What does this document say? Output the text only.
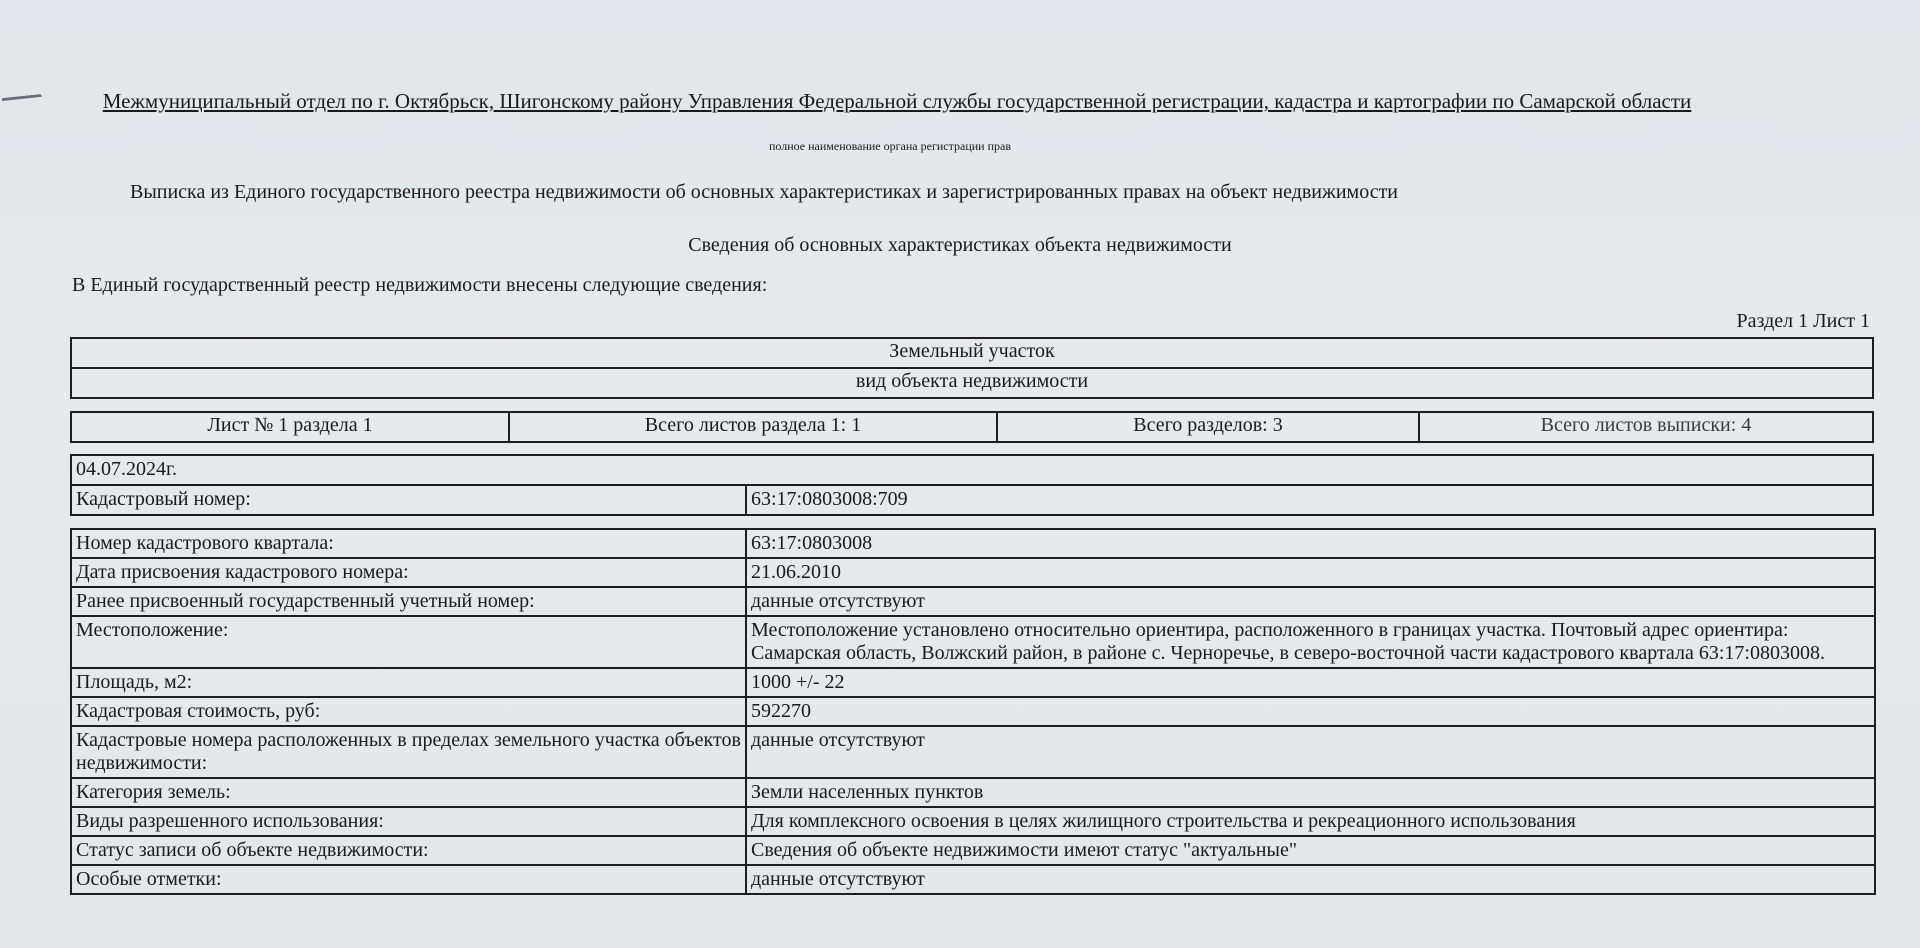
Межмуниципальный отдел по г. Октябрьск, Шигонскому району Управления Федеральной службы государственной регистрации, кадастра и картографии по Самарской области
полное наименование органа регистрации прав
Выписка из Единого государственного реестра недвижимости об основных характеристиках и зарегистрированных правах на объект недвижимости
Сведения об основных характеристиках объекта недвижимости
В Единый государственный реестр недвижимости внесены следующие сведения:
Раздел 1 Лист 1
Земельный участок
вид объекта недвижимости
Лист № 1 раздела 1	Всего листов раздела 1: 1	Всего разделов: 3	Всего листов выписки: 4
04.07.2024г.
Кадастровый номер:	63:17:0803008:709
Номер кадастрового квартала:	63:17:0803008
Дата присвоения кадастрового номера:	21.06.2010
Ранее присвоенный государственный учетный номер:	данные отсутствуют
Местоположение:	Местоположение установлено относительно ориентира, расположенного в границах участка. Почтовый адрес ориентира: Самарская область, Волжский район, в районе с. Черноречье, в северо-восточной части кадастрового квартала 63:17:0803008.
Площадь, м2:	1000 +/- 22
Кадастровая стоимость, руб:	592270
Кадастровые номера расположенных в пределах земельного участка объектов недвижимости:	данные отсутствуют
Категория земель:	Земли населенных пунктов
Виды разрешенного использования:	Для комплексного освоения в целях жилищного строительства и рекреационного использования
Статус записи об объекте недвижимости:	Сведения об объекте недвижимости имеют статус "актуальные"
Особые отметки:	данные отсутствуют
